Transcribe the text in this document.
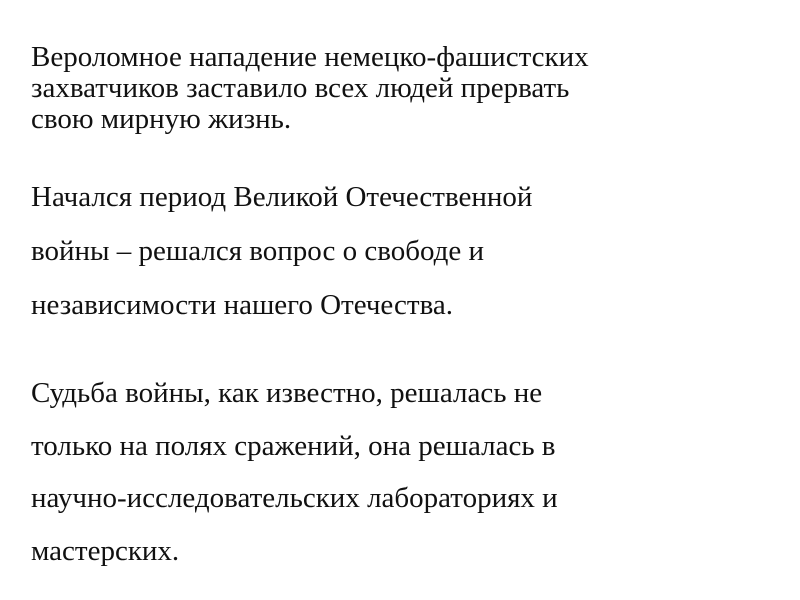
Вероломное нападение немецко-фашистских
захватчиков заставило всех людей прервать
свою мирную жизнь.

Начался период Великой Отечественной
войны – решался вопрос о свободе и
независимости нашего Отечества.

Судьба войны, как известно, решалась не
только на полях сражений, она решалась в
научно-исследовательских лабораториях и
мастерских.
